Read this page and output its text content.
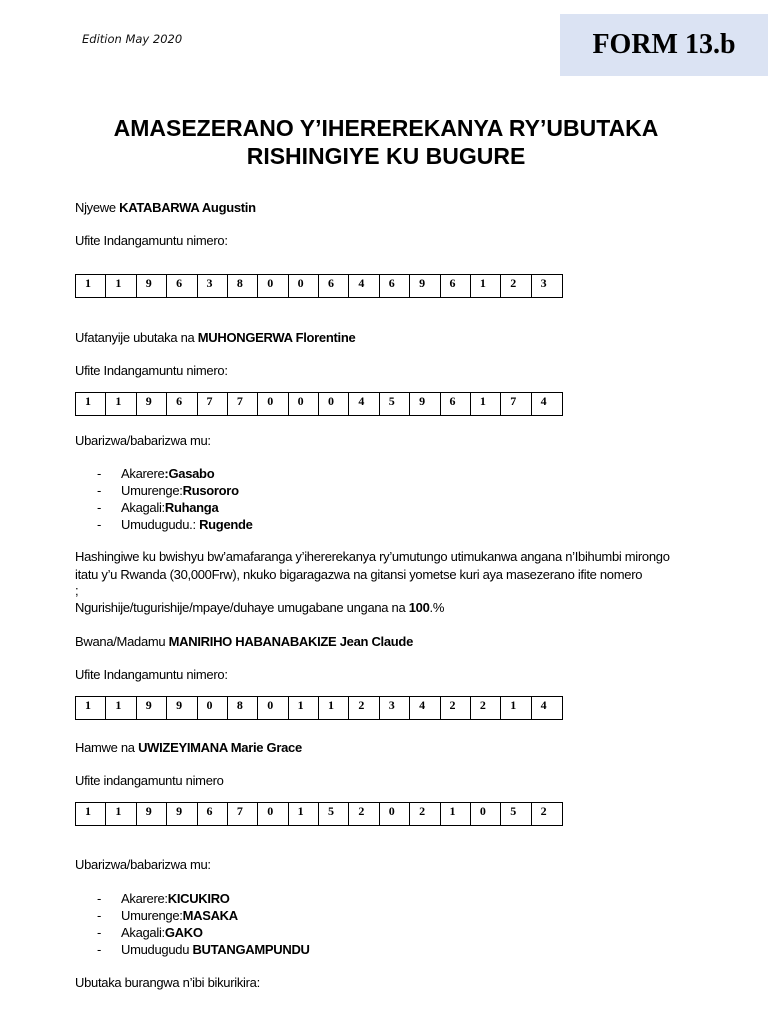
Edition May 2020	FORM 13.b
AMASEZERANO Y’IHEREREKANYA RY’UBUTAKA
RISHINGIYE KU BUGURE
Njyewe KATABARWA Augustin
Ufite Indangamuntu nimero:
1	1	9	6	3	8	0	0	6	4	6	9	6	1	2	3
Ufatanyije ubutaka na MUHONGERWA Florentine
Ufite Indangamuntu nimero:
1	1	9	6	7	7	0	0	0	4	5	9	6	1	7	4
Ubarizwa/babarizwa mu:
- Akarere:Gasabo
- Umurenge:Rusororo
- Akagali:Ruhanga
- Umudugudu.: Rugende
Hashingiwe ku bwishyu bw’amafaranga y’ihererekanya ry’umutungo utimukanwa angana n’Ibihumbi mirongo
itatu y’u Rwanda (30,000Frw), nkuko bigaragazwa na gitansi yometse kuri aya masezerano ifite nomero
;
Ngurishije/tugurishije/mpaye/duhaye umugabane ungana na 100.%
Bwana/Madamu MANIRIHO HABANABAKIZE Jean Claude
Ufite Indangamuntu nimero:
1	1	9	9	0	8	0	1	1	2	3	4	2	2	1	4
Hamwe na UWIZEYIMANA Marie Grace
Ufite indangamuntu nimero
1	1	9	9	6	7	0	1	5	2	0	2	1	0	5	2
Ubarizwa/babarizwa mu:
- Akarere:KICUKIRO
- Umurenge:MASAKA
- Akagali:GAKO
- Umudugudu BUTANGAMPUNDU
Ubutaka burangwa n’ibi bikurikira:
